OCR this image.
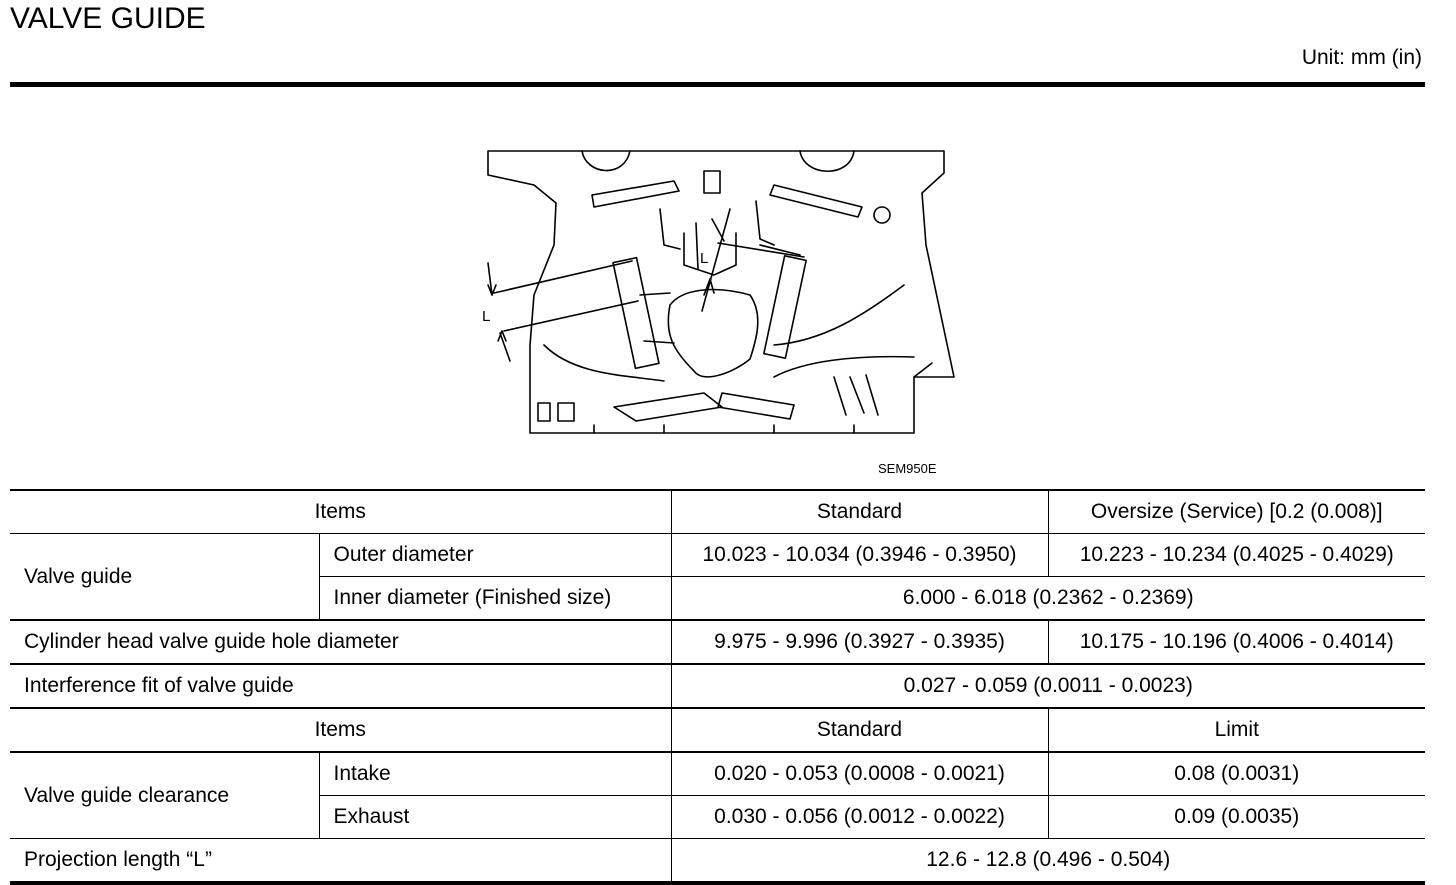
VALVE GUIDE
Unit: mm (in)
L
L
SEM950E
Items		Standard	Oversize (Service) [0.2 (0.008)]
Valve guide	Outer diameter	10.023 - 10.034 (0.3946 - 0.3950)	10.223 - 10.234 (0.4025 - 0.4029)
	Inner diameter (Finished size)	6.000 - 6.018 (0.2362 - 0.2369)	
Cylinder head valve guide hole diameter		9.975 - 9.996 (0.3927 - 0.3935)	10.175 - 10.196 (0.4006 - 0.4014)
Interference fit of valve guide		0.027 - 0.059 (0.0011 - 0.0023)	
Items		Standard	Limit
Valve guide clearance	Intake	0.020 - 0.053 (0.0008 - 0.0021)	0.08 (0.0031)
	Exhaust	0.030 - 0.056 (0.0012 - 0.0022)	0.09 (0.0035)
Projection length “L”		12.6 - 12.8 (0.496 - 0.504)	
